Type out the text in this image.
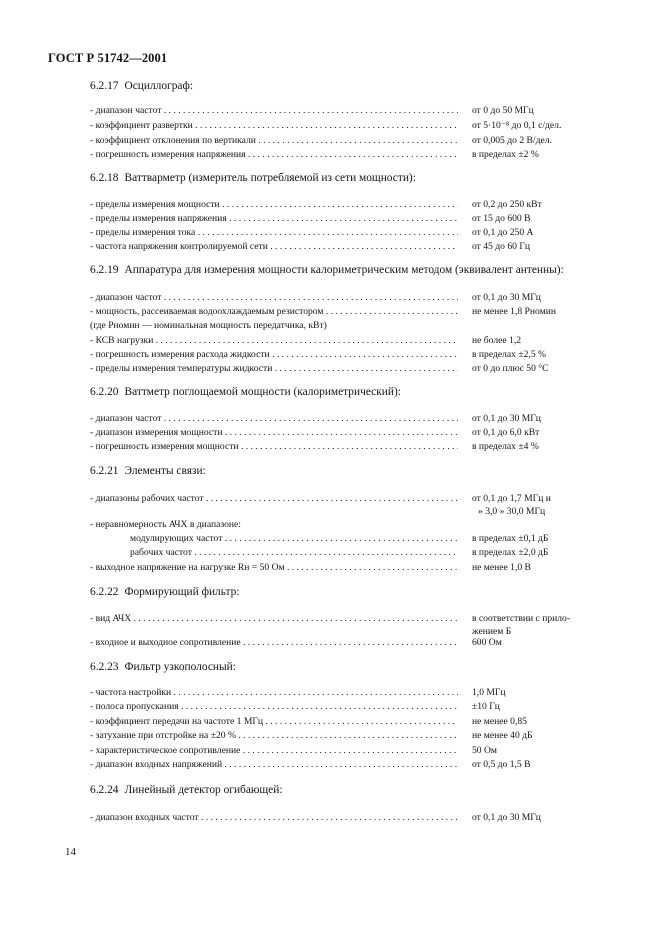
ГОСТ Р 51742—2001
6.2.17 Осциллограф:
- диапазон частот . . .	от 0 до 50 МГц
- коэффициент развертки . . .	от 5·10⁻⁸ до 0,1 с/дел.
- коэффициент отклонения по вертикали . . .	от 0,005 до 2 В/дел.
- погрешность измерения напряжения . . .	в пределах ±2 %
6.2.18 Ваттварметр (измеритель потребляемой из сети мощности):
- пределы измерения мощности . . .	от 0,2 до 250 кВт
- пределы измерения напряжения . . .	от 15 до 600 В
- пределы измерения тока . . .	от 0,1 до 250 А
- частота напряжения контролируемой сети . . .	от 45 до 60 Гц
6.2.19 Аппаратура для измерения мощности калориметрическим методом (эквивалент антенны):
- диапазон частот . . .	от 0,1 до 30 МГц
- мощность, рассеиваемая водоохлаждаемым резистором . . .	не менее 1,8 Pномин
(где Pномин — номинальная мощность передатчика, кВт)
- КСВ нагрузки . . .	не более 1,2
- погрешность измерения расхода жидкости . . .	в пределах ±2,5 %
- пределы измерения температуры жидкости . . .	от 0 до плюс 50 °С
6.2.20 Ваттметр поглощаемой мощности (калориметрический):
- диапазон частот . . .	от 0,1 до 30 МГц
- диапазон измерения мощности . . .	от 0,1 до 6,0 кВт
- погрешность измерения мощности . . .	в пределах ±4 %
6.2.21 Элементы связи:
- диапазоны рабочих частот . . .	от 0,1 до 1,7 МГц и
» 3,0 » 30,0 МГц
- неравномерность АЧХ в диапазоне:
модулирующих частот . . .	в пределах ±0,1 дБ
рабочих частот . . .	в пределах ±2,0 дБ
- выходное напряжение на нагрузке Rн = 50 Ом . . .	не менее 1,0 В
6.2.22 Формирующий фильтр:
- вид АЧХ . . .	в соответствии с прило-
жением Б
- входное и выходное сопротивление . . .	600 Ом
6.2.23 Фильтр узкополосный:
- частота настройки . . .	1,0 МГц
- полоса пропускания . . .	±10 Гц
- коэффициент передачи на частоте 1 МГц . . .	не менее 0,85
- затухание при отстройке на ±20 % . . .	не менее 40 дБ
- характеристическое сопротивление . . .	50 Ом
- диапазон входных напряжений . . .	от 0,5 до 1,5 В
6.2.24 Линейный детектор огибающей:
- диапазон входных частот . . .	от 0,1 до 30 МГц
14
